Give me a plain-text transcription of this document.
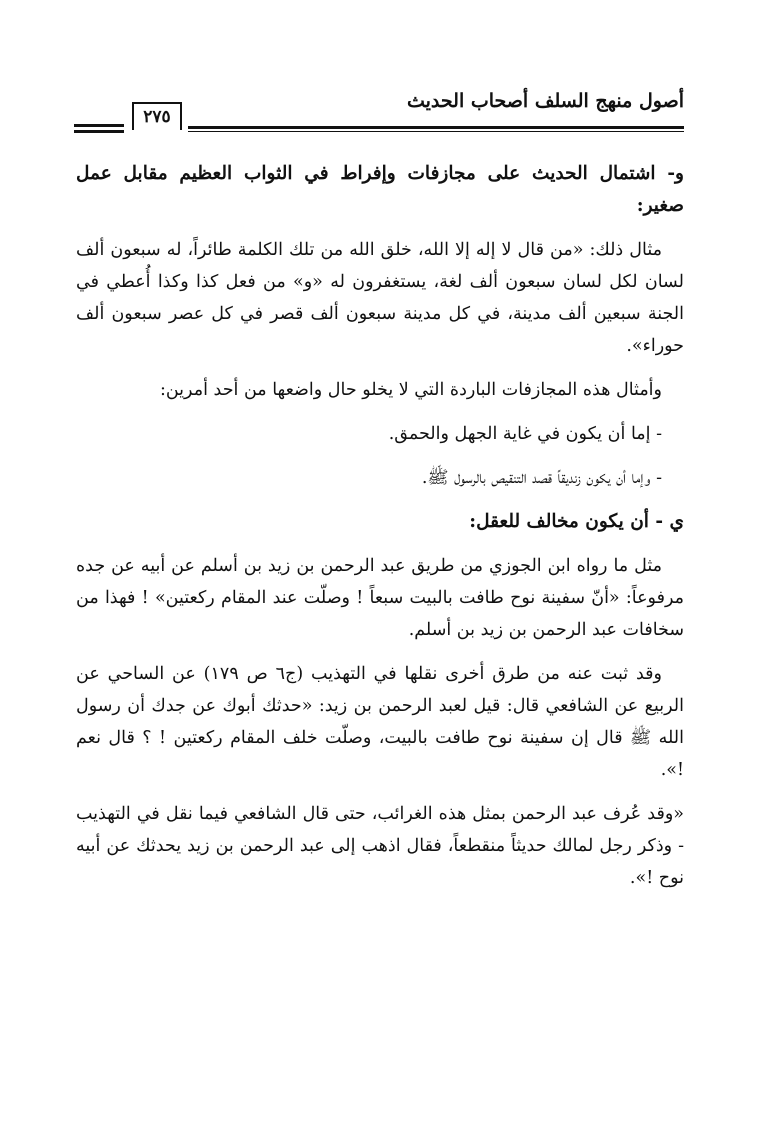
أصول منهج السلف أصحاب الحديث
٢٧٥

و- اشتمال الحديث على مجازفات وإفراط في الثواب العظيم مقابل عمل صغير:

مثال ذلك: «من قال لا إله إلا الله، خلق الله من تلك الكلمة طائراً، له سبعون ألف لسان لكل لسان سبعون ألف لغة، يستغفرون له «و» من فعل كذا وكذا أُعطي في الجنة سبعين ألف مدينة، في كل مدينة سبعون ألف قصر في كل عصر سبعون ألف حوراء».

وأمثال هذه المجازفات الباردة التي لا يخلو حال واضعها من أحد أمرين:

- إما أن يكون في غاية الجهل والحمق.

- وإما أن يكون زنديقاً قصد التنقيص بالرسول ﷺ.

ي - أن يكون مخالف للعقل:

مثل ما رواه ابن الجوزي من طريق عبد الرحمن بن زيد بن أسلم عن أبيه عن جده مرفوعاً: «أنّ سفينة نوح طافت بالبيت سبعاً ! وصلّت عند المقام ركعتين» ! فهذا من سخافات عبد الرحمن بن زيد بن أسلم.

وقد ثبت عنه من طرق أخرى نقلها في التهذيب (ج٦ ص ١٧٩) عن الساحي عن الربيع عن الشافعي قال: قيل لعبد الرحمن بن زيد: «حدثك أبوك عن جدك أن رسول الله ﷺ قال إن سفينة نوح طافت بالبيت، وصلّت خلف المقام ركعتين ! ؟ قال نعم !».

«وقد عُرف عبد الرحمن بمثل هذه الغرائب، حتى قال الشافعي فيما نقل في التهذيب - وذكر رجل لمالك حديثاً منقطعاً، فقال اذهب إلى عبد الرحمن بن زيد يحدثك عن أبيه نوح !».
